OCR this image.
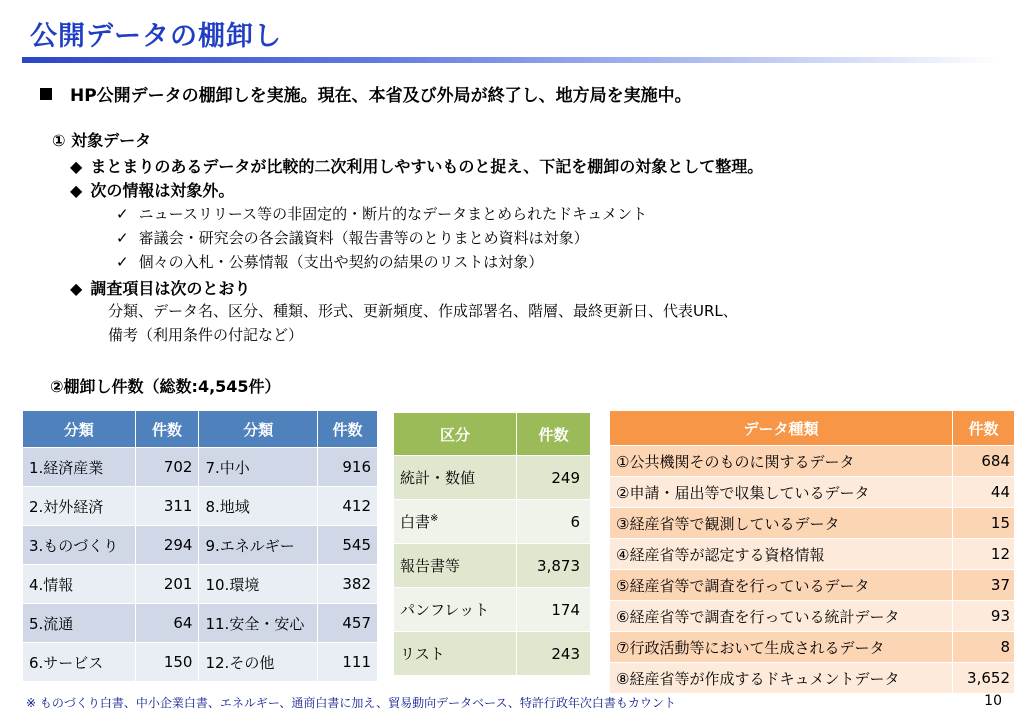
公開データの棚卸し
HP公開データの棚卸しを実施。現在、本省及び外局が終了し、地方局を実施中。
① 対象データ
◆ まとまりのあるデータが比較的二次利用しやすいものと捉え、下記を棚卸の対象として整理。
◆ 次の情報は対象外。
✓ ニュースリリース等の非固定的・断片的なデータまとめられたドキュメント
✓ 審議会・研究会の各会議資料（報告書等のとりまとめ資料は対象）
✓ 個々の入札・公募情報（支出や契約の結果のリストは対象）
◆ 調査項目は次のとおり
分類、データ名、区分、種類、形式、更新頻度、作成部署名、階層、最終更新日、代表URL、
備考（利用条件の付記など）
②棚卸し件数（総数:4,545件）
分類	件数	分類	件数
1.経済産業	702	7.中小	916
2.対外経済	311	8.地域	412
3.ものづくり	294	9.エネルギー	545
4.情報	201	10.環境	382
5.流通	64	11.安全・安心	457
6.サービス	150	12.その他	111
区分	件数
統計・数値	249
白書※	6
報告書等	3,873
パンフレット	174
リスト	243
データ種類	件数
①公共機関そのものに関するデータ	684
②申請・届出等で収集しているデータ	44
③経産省等で観測しているデータ	15
④経産省等が認定する資格情報	12
⑤経産省等で調査を行っているデータ	37
⑥経産省等で調査を行っている統計データ	93
⑦行政活動等において生成されるデータ	8
⑧経産省等が作成するドキュメントデータ	3,652
※ ものづくり白書、中小企業白書、エネルギー、通商白書に加え、貿易動向データベース、特許行政年次白書もカウント	10
